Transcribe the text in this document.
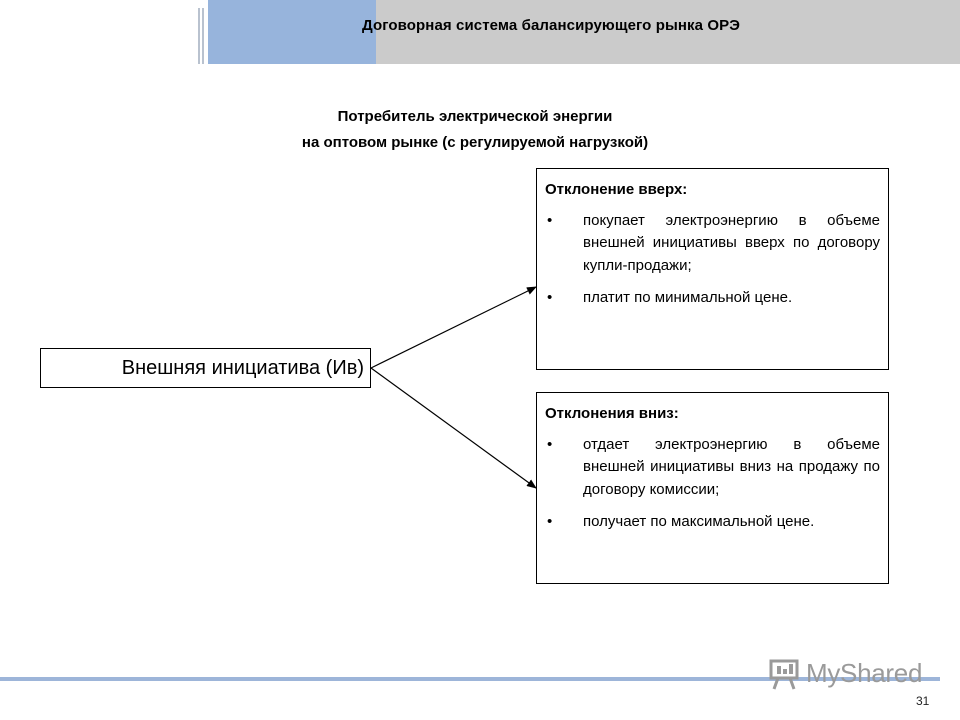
Договорная система балансирующего рынка ОРЭ
Потребитель электрической энергии
на оптовом рынке (с регулируемой нагрузкой)
Внешняя инициатива (Ив)
Отклонение вверх:
• покупает электроэнергию в объеме внешней инициативы вверх по договору купли-продажи;
• платит по минимальной цене.
Отклонения вниз:
• отдает электроэнергию в объеме внешней инициативы вниз на продажу по договору комиссии;
• получает по максимальной цене.
MyShared
31
